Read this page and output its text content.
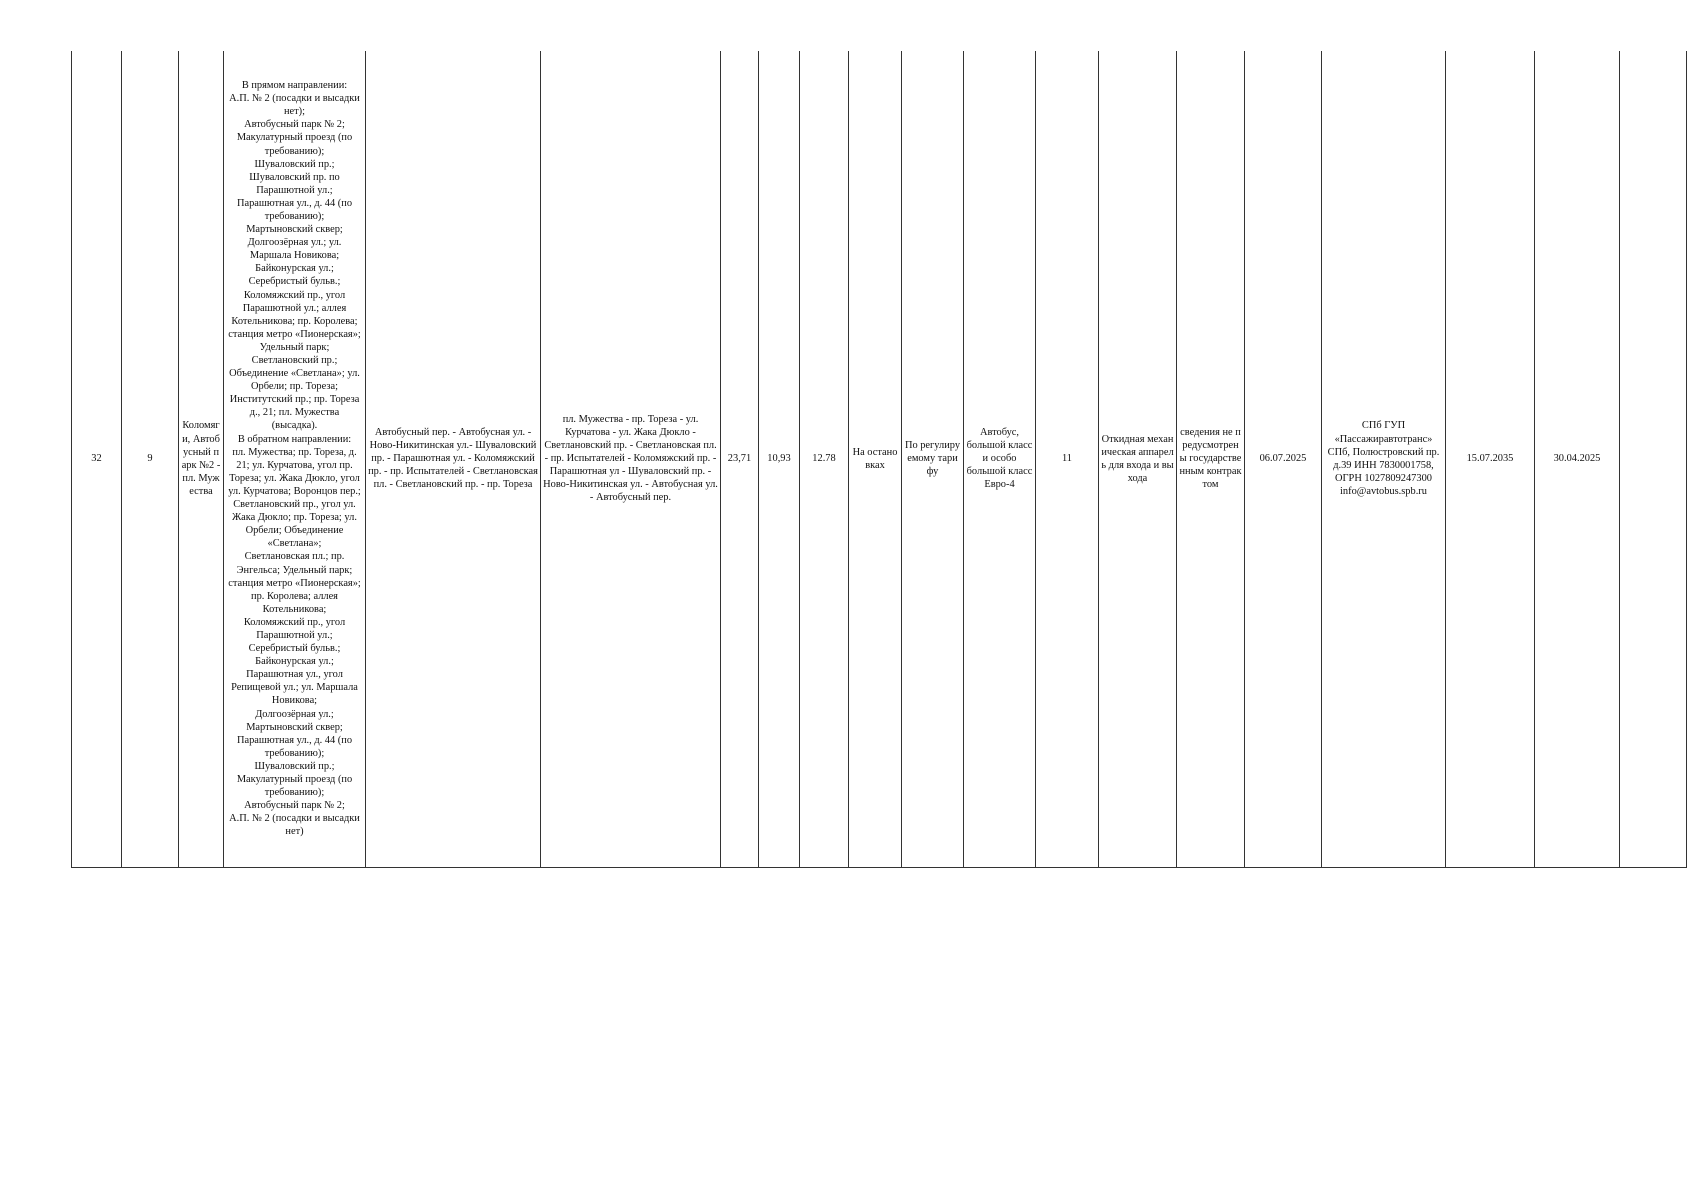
32	9	Коломяги, Автобусный парк №2 - пл. Мужества	
В прямом направлении:
А.П. № 2 (посадки и высадки нет);
Автобусный парк № 2;
Макулатурный проезд (по требованию);
Шуваловский пр.;
Шуваловский пр. по Парашютной ул.;
Парашютная ул., д. 44 (по требованию);
Мартыновский сквер;
Долгоозёрная ул.; ул. Маршала Новикова;
Байконурская ул.;
Серебристый бульв.;
Коломяжский пр., угол Парашютной ул.; аллея Котельникова; пр. Королева; станция метро «Пионерская»; Удельный парк; Светлановский пр.; Объединение «Светлана»; ул. Орбели; пр. Тореза; Институтский пр.; пр. Тореза д., 21; пл. Мужества (высадка).
В обратном направлении:
пл. Мужества; пр. Тореза, д. 21; ул. Курчатова, угол пр. Тореза; ул. Жака Дюкло, угол ул. Курчатова; Воронцов пер.;
Светлановский пр., угол ул. Жака Дюкло; пр. Тореза; ул. Орбели; Объединение «Светлана»;
Светлановская пл.; пр. Энгельса; Удельный парк; станция метро «Пионерская»; пр. Королева; аллея Котельникова;
Коломяжский пр., угол Парашютной ул.;
Серебристый бульв.;
Байконурская ул.;
Парашютная ул., угол Репищевой ул.; ул. Маршала Новикова;
Долгоозёрная ул.;
Мартыновский сквер;
Парашютная ул., д. 44 (по требованию);
Шуваловский пр.;
Макулатурный проезд (по требованию);
Автобусный парк № 2;
А.П. № 2 (посадки и высадки нет)
	Автобусный пер. - Автобусная ул. - Ново-Никитинская ул.- Шуваловский пр. - Парашютная ул. - Коломяжский пр. - пр. Испытателей - Светлановская пл. - Светлановский пр. - пр. Тореза	пл. Мужества - пр. Тореза - ул. Курчатова - ул. Жака Дюкло - Светлановский пр. - Светлановская пл. - пр. Испытателей - Коломяжский пр. - Парашютная ул - Шуваловский пр. - Ново-Никитинская ул. - Автобусная ул. - Автобусный пер.	23,71	10,93	12.78	На остановках	По регулируемому тарифу	Автобус, большой класс и особо большой класс Евро-4	11	Откидная механическая аппарель для входа и выхода	сведения не предусмотрены государственным контрактом	06.07.2025	СПб ГУП «Пассажиравтотранс» СПб, Полюстровский пр. д.39 ИНН 7830001758, ОГРН 1027809247300 info@avtobus.spb.ru	15.07.2035	30.04.2025	
